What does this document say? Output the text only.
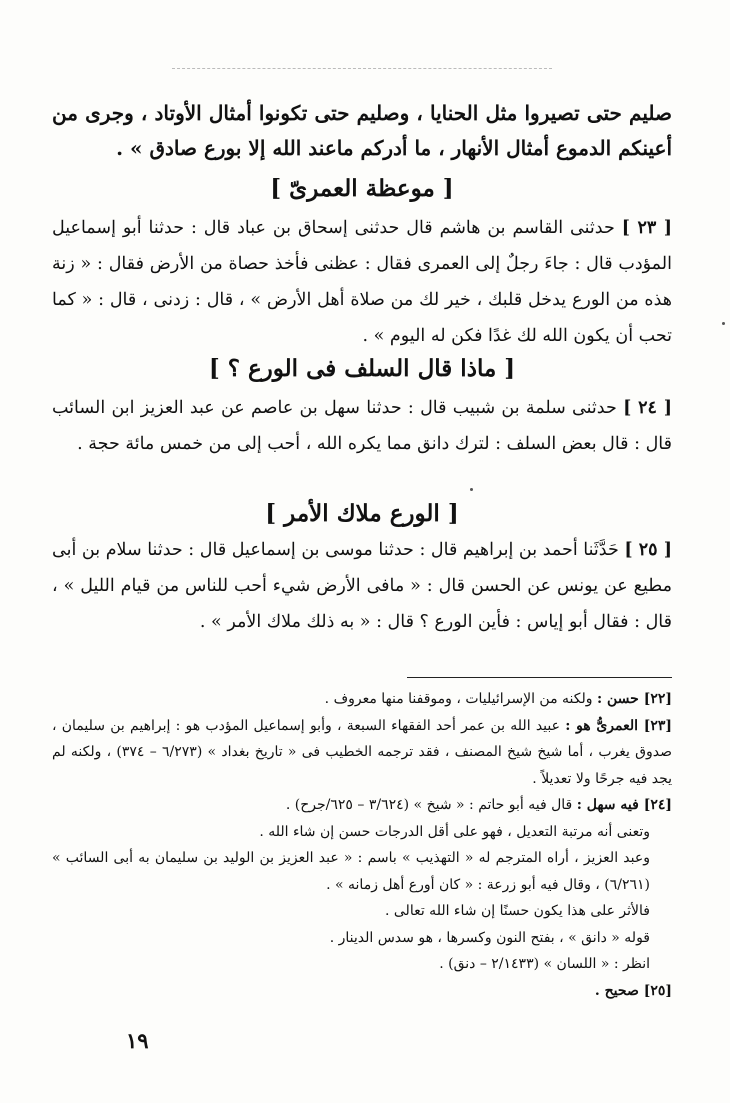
صليم حتى تصيروا مثل الحنايا ، وصليم حتى تكونوا أمثال الأوتاد ، وجرى من أعينكم الدموع أمثال الأنهار ، ما أدركم ماعند الله إلا بورع صادق » .
[ موعظة العمرىّ ]
[ ٢٣ ] حدثنى القاسم بن هاشم قال حدثنى إسحاق بن عباد قال : حدثنا أبو إسماعيل المؤدب قال : جاءَ رجلٌ إلى العمرى فقال : عظنى فأخذ حصاة من الأرض فقال : « زنة هذه من الورع يدخل قلبك ، خير لك من صلاة أهل الأرض » ، قال : زدنى ، قال : « كما تحب أن يكون الله لك غدًا فكن له اليوم » .
[ ماذا قال السلف فى الورع ؟ ]
[ ٢٤ ] حدثنى سلمة بن شبيب قال : حدثنا سهل بن عاصم عن عبد العزيز ابن السائب قال : قال بعض السلف : لترك دانق مما يكره الله ، أحب إلى من خمس مائة حجة .
[ الورع ملاك الأمر ]
[ ٢٥ ] حَدَّثَنا أحمد بن إبراهيم قال : حدثنا موسى بن إسماعيل قال : حدثنا سلام بن أبى مطيع عن يونس عن الحسن قال : « مافى الأرض شيء أحب للناس من قيام الليل » ، قال : فقال أبو إياس : فأين الورع ؟ قال : « به ذلك ملاك الأمر » .
[٢٢] حسن : ولكنه من الإسرائيليات ، وموقفنا منها معروف .
[٢٣] العمرىُّ هو : عبيد الله بن عمر أحد الفقهاء السبعة ، وأبو إسماعيل المؤدب هو : إبراهيم بن سليمان ، صدوق يغرب ، أما شيخ شيخ المصنف ، فقد ترجمه الخطيب فى « تاريخ بغداد » (٦/٢٧٣ – ٣٧٤) ، ولكنه لم يجد فيه جرحًا ولا تعديلاً .
[٢٤] فيه سهل : قال فيه أبو حاتم : « شيخ » (٣/٦٢٤ – ٦٢٥/جرح) .
وتعنى أنه مرتبة التعديل ، فهو على أقل الدرجات حسن إن شاء الله .
وعبد العزيز ، أراه المترجم له « التهذيب » باسم : « عبد العزيز بن الوليد بن سليمان به أبى السائب » (٦/٢٦١) ، وقال فيه أبو زرعة : « كان أورع أهل زمانه » .
فالأثر على هذا يكون حسنًا إن شاء الله تعالى .
قوله « دانق » ، بفتح النون وكسرها ، هو سدس الدينار .
انظر : « اللسان » (٢/١٤٣٣ – دنق) .
[٢٥] صحيح .
١٩
